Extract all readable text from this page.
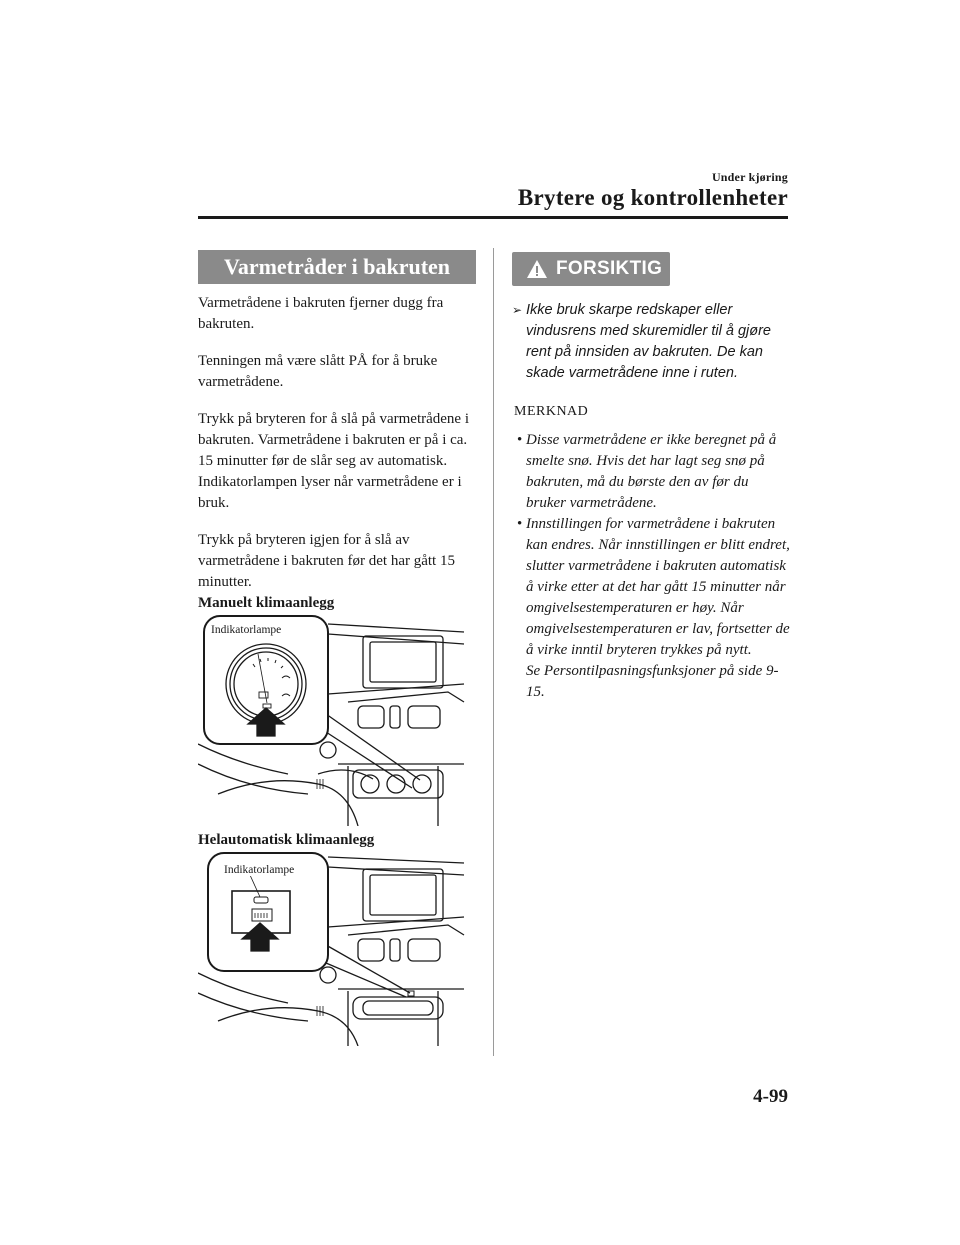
Under kjøring
Brytere og kontrollenheter
Varmetråder i bakruten

Varmetrådene i bakruten fjerner dugg fra bakruten.

Tenningen må være slått PÅ for å bruke varmetrådene.

Trykk på bryteren for å slå på varmetrådene i bakruten. Varmetrådene i bakruten er på i ca. 15 minutter før de slår seg av automatisk.

Indikatorlampen lyser når varmetrådene er i bruk.

Trykk på bryteren igjen for å slå av varmetrådene i bakruten før det har gått 15 minutter.

Manuelt klimaanlegg
Indikatorlampe
Helautomatisk klimaanlegg
Indikatorlampe
FORSIKTIG
➢ Ikke bruk skarpe redskaper eller vindusrens med skuremidler til å gjøre rent på innsiden av bakruten. De kan skade varmetrådene inne i ruten.
MERKNAD
• Disse varmetrådene er ikke beregnet på å smelte snø. Hvis det har lagt seg snø på bakruten, må du børste den av før du bruker varmetrådene.
• Innstillingen for varmetrådene i bakruten kan endres. Når innstillingen er blitt endret, slutter varmetrådene i bakruten automatisk å virke etter at det har gått 15 minutter når omgivelsestemperaturen er høy. Når omgivelsestemperaturen er lav, fortsetter de å virke inntil bryteren trykkes på nytt.
Se Persontilpasningsfunksjoner på side 9-15.
4-99
